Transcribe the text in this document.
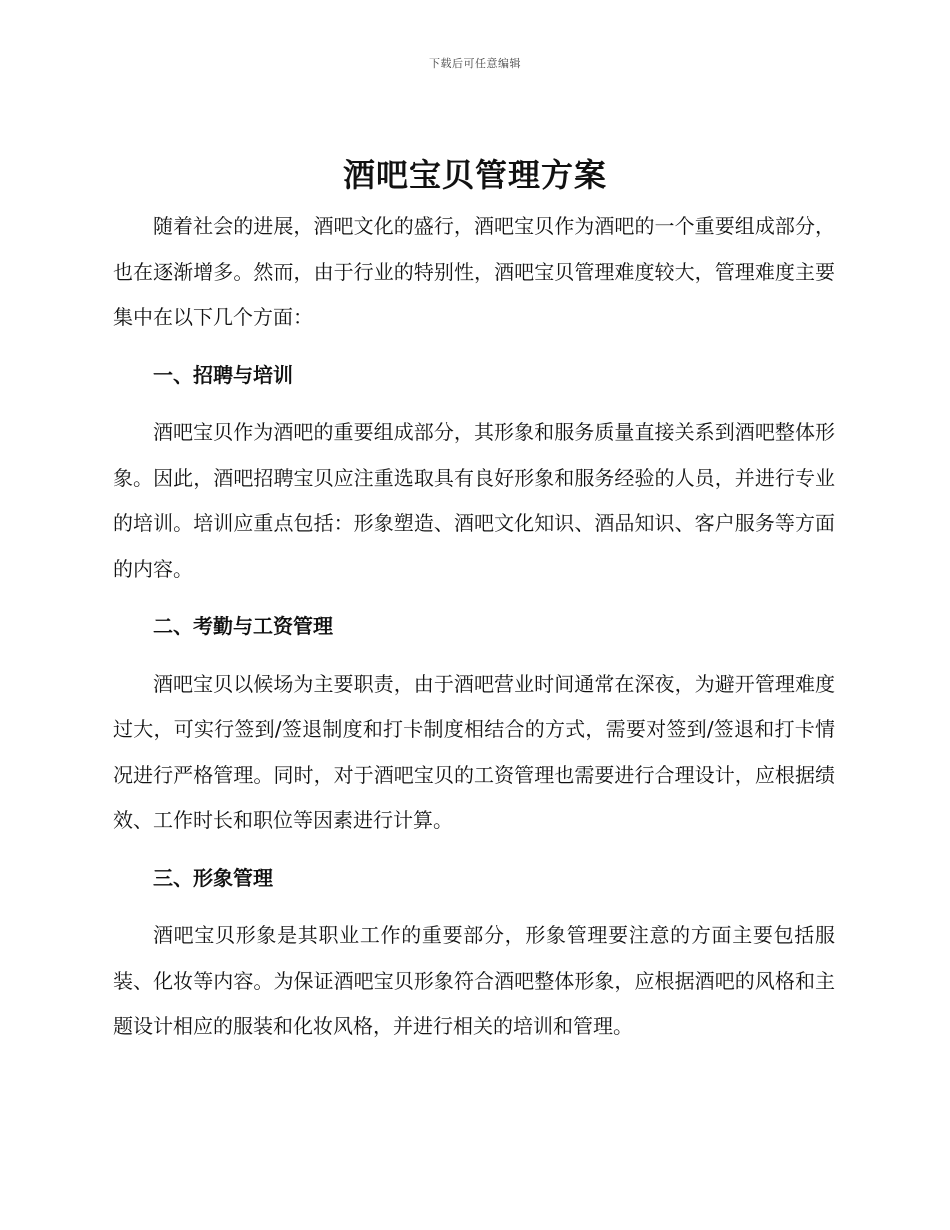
下载后可任意编辑
酒吧宝贝管理方案

随着社会的进展，酒吧文化的盛行，酒吧宝贝作为酒吧的一个重要组成部分，也在逐渐增多。然而，由于行业的特别性，酒吧宝贝管理难度较大，管理难度主要集中在以下几个方面：

一、招聘与培训

酒吧宝贝作为酒吧的重要组成部分，其形象和服务质量直接关系到酒吧整体形象。因此，酒吧招聘宝贝应注重选取具有良好形象和服务经验的人员，并进行专业的培训。培训应重点包括：形象塑造、酒吧文化知识、酒品知识、客户服务等方面的内容。

二、考勤与工资管理

酒吧宝贝以候场为主要职责，由于酒吧营业时间通常在深夜，为避开管理难度过大，可实行签到/签退制度和打卡制度相结合的方式，需要对签到/签退和打卡情况进行严格管理。同时，对于酒吧宝贝的工资管理也需要进行合理设计，应根据绩效、工作时长和职位等因素进行计算。

三、形象管理

酒吧宝贝形象是其职业工作的重要部分，形象管理要注意的方面主要包括服装、化妆等内容。为保证酒吧宝贝形象符合酒吧整体形象，应根据酒吧的风格和主题设计相应的服装和化妆风格，并进行相关的培训和管理。
